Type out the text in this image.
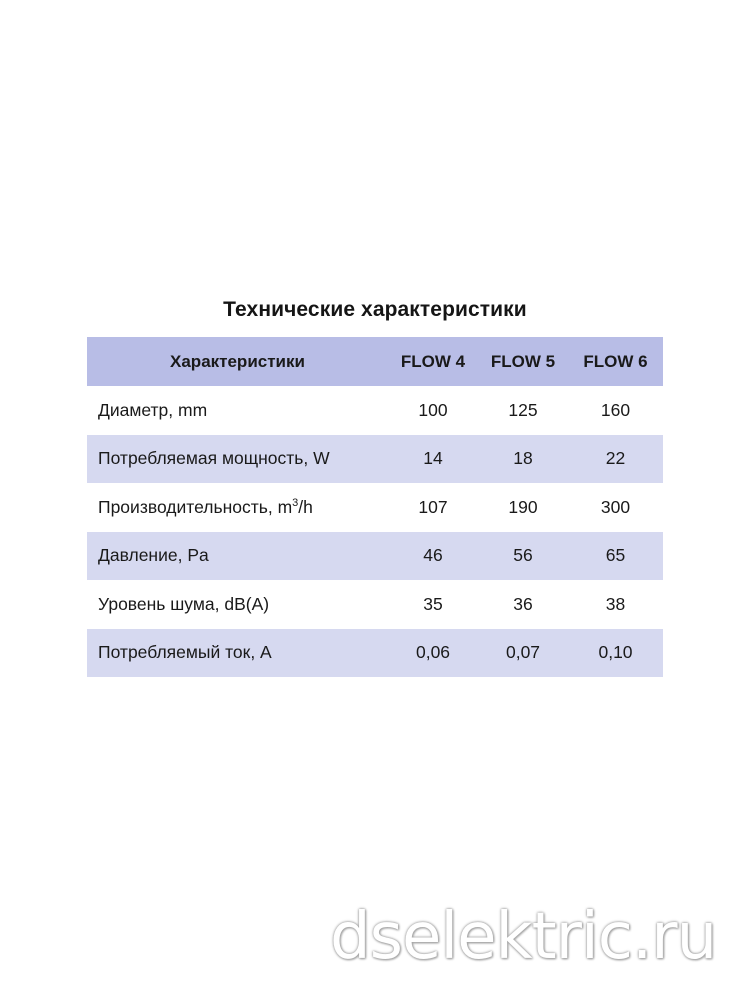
Технические характеристики
Характеристики	FLOW 4	FLOW 5	FLOW 6
Диаметр, mm	100	125	160
Потребляемая мощность, W	14	18	22
Производительность, $m^3/h$	107	190	300
Давление, Pa	46	56	65
Уровень шума, dB(A)	35	36	38
Потребляемый ток, A	0,06	0,07	0,10
dselektric.ru
